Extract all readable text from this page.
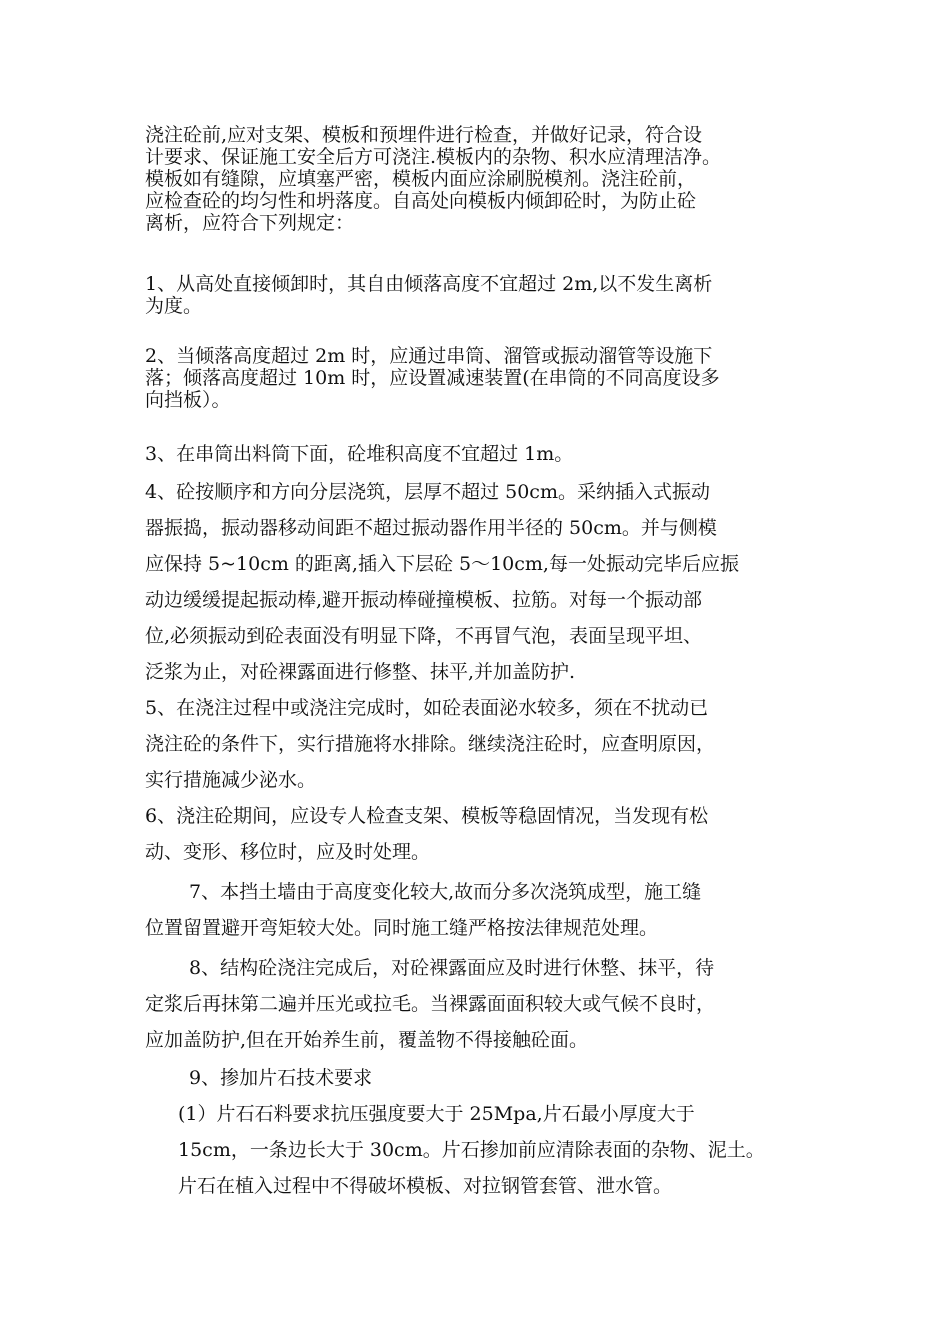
浇注砼前,应对支架、模板和预埋件进行检查，并做好记录，符合设
计要求、保证施工安全后方可浇注.模板内的杂物、积水应清理洁净。
模板如有缝隙，应填塞严密，模板内面应涂刷脱模剂。浇注砼前，
应检查砼的均匀性和坍落度。自高处向模板内倾卸砼时，为防止砼
离析，应符合下列规定：
1、从高处直接倾卸时，其自由倾落高度不宜超过 2m,以不发生离析
为度。
2、当倾落高度超过 2m 时，应通过串筒、溜管或振动溜管等设施下
落；倾落高度超过 10m 时，应设置减速装置(在串筒的不同高度设多
向挡板）。
3、在串筒出料筒下面，砼堆积高度不宜超过 1m。
4、砼按顺序和方向分层浇筑，层厚不超过 50cm。采纳插入式振动
器振捣，振动器移动间距不超过振动器作用半径的 50cm。并与侧模
应保持 5~10cm 的距离,插入下层砼 5～10cm,每一处振动完毕后应振
动边缓缓提起振动棒,避开振动棒碰撞模板、拉筋。对每一个振动部
位,必须振动到砼表面没有明显下降，不再冒气泡，表面呈现平坦、
泛浆为止，对砼裸露面进行修整、抹平,并加盖防护.
5、在浇注过程中或浇注完成时，如砼表面泌水较多，须在不扰动已
浇注砼的条件下，实行措施将水排除。继续浇注砼时，应查明原因，
实行措施减少泌水。
6、浇注砼期间，应设专人检查支架、模板等稳固情况，当发现有松
动、变形、移位时，应及时处理。
7、本挡土墙由于高度变化较大,故而分多次浇筑成型，施工缝
位置留置避开弯矩较大处。同时施工缝严格按法律规范处理。
8、结构砼浇注完成后，对砼裸露面应及时进行休整、抹平，待
定浆后再抹第二遍并压光或拉毛。当裸露面面积较大或气候不良时，
应加盖防护,但在开始养生前，覆盖物不得接触砼面。
9、掺加片石技术要求
(1）片石石料要求抗压强度要大于 25Mpa,片石最小厚度大于
15cm，一条边长大于 30cm。片石掺加前应清除表面的杂物、泥土。
片石在植入过程中不得破坏模板、对拉钢管套管、泄水管。
